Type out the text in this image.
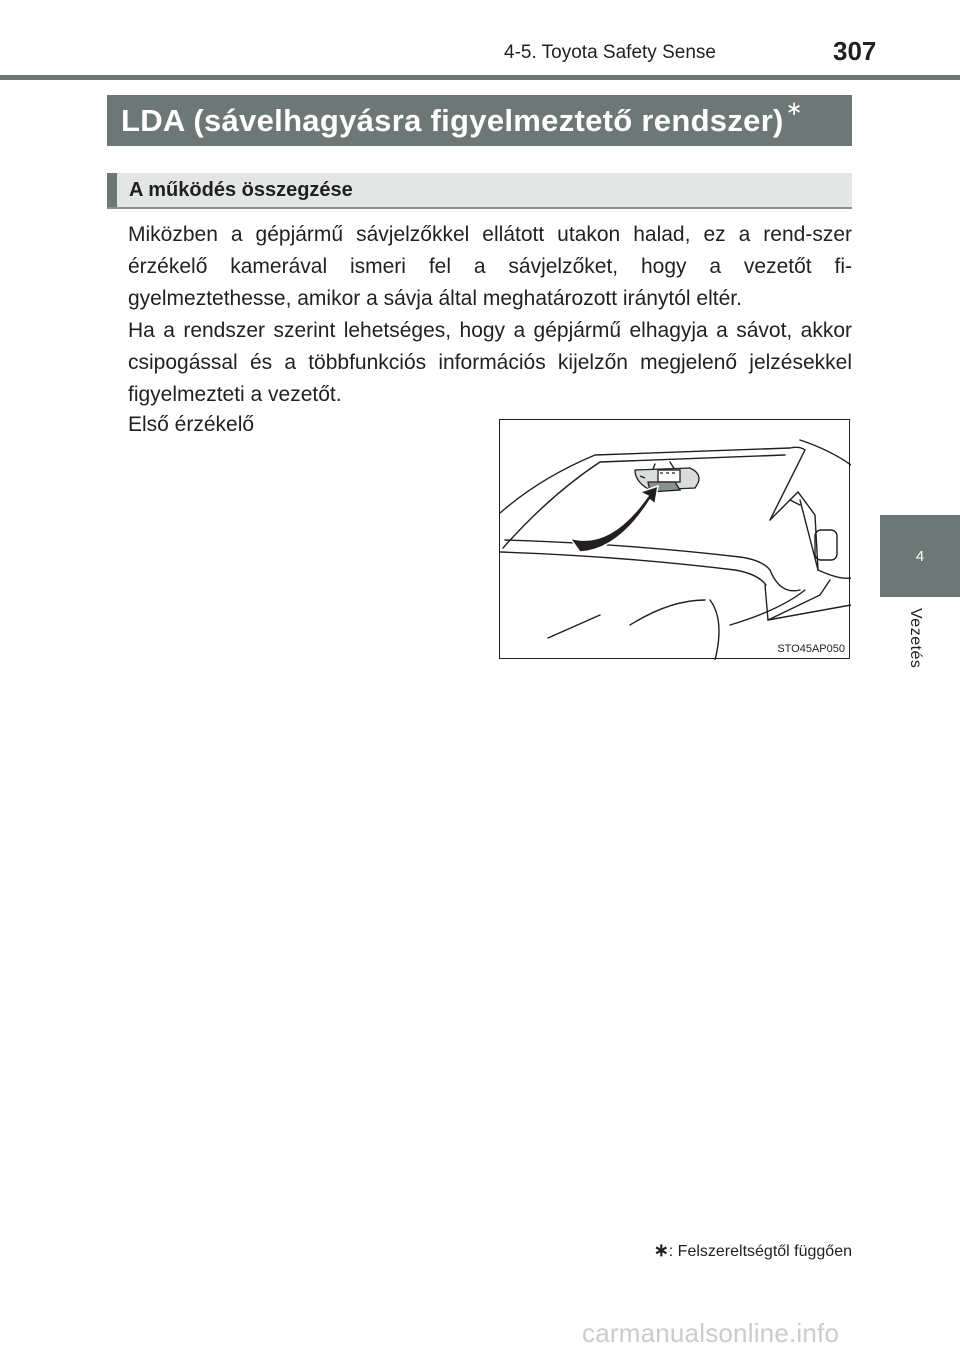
4-5. Toyota Safety Sense	307
LDA (sávelhagyásra figyelmeztető rendszer) ∗
A működés összegzése
Miközben a gépjármű sávjelzőkkel ellátott utakon halad, ez a rend-szer érzékelő kamerával ismeri fel a sávjelzőket, hogy a vezetőt fi-gyelmeztethesse, amikor a sávja által meghatározott iránytól eltér.
Ha a rendszer szerint lehetséges, hogy a gépjármű elhagyja a sávot, akkor csipogással és a többfunkciós információs kijelzőn megjelenő jelzésekkel figyelmezteti a vezetőt.
Első érzékelő
STO45AP050
4
Vezetés
∗: Felszereltségtől függően
carmanualsonline.info
